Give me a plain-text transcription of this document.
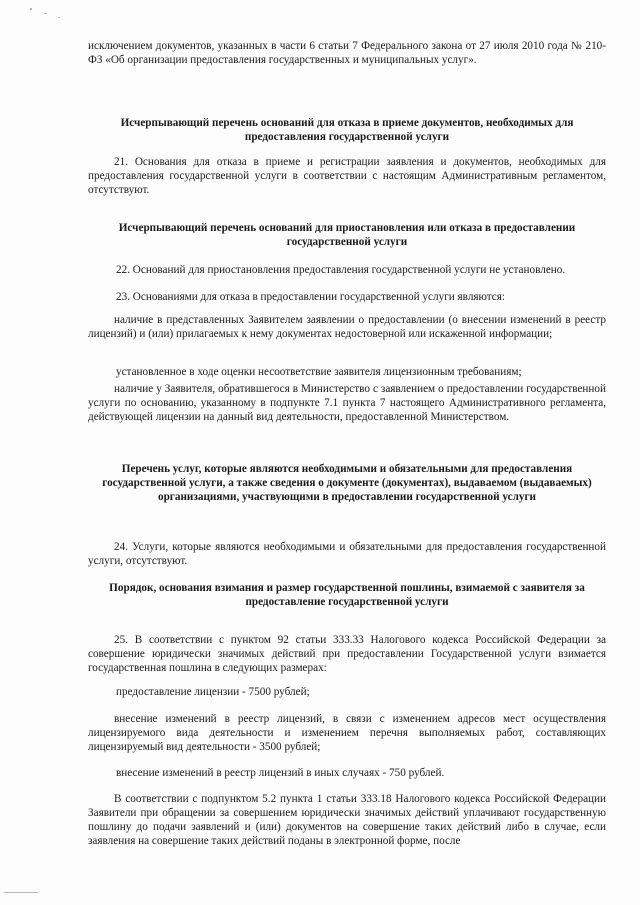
исключением документов, указанных в части 6 статьи 7 Федерального закона от 27 июля 2010 года № 210-ФЗ «Об организации предоставления государственных и муниципальных услуг».

Исчерпывающий перечень оснований для отказа в приеме документов, необходимых для предоставления государственной услуги

21. Основания для отказа в приеме и регистрации заявления и документов, необходимых для предоставления государственной услуги в соответствии с настоящим Административным регламентом, отсутствуют.

Исчерпывающий перечень оснований для приостановления или отказа в предоставлении государственной услуги

22. Оснований для приостановления предоставления государственной услуги не установлено.

23. Основаниями для отказа в предоставлении государственной услуги являются:

наличие в представленных Заявителем заявлении о предоставлении (о внесении изменений в реестр лицензий) и (или) прилагаемых к нему документах недостоверной или искаженной информации;

установленное в ходе оценки несоответствие заявителя лицензионным требованиям;

наличие у Заявителя, обратившегося в Министерство с заявлением о предоставлении государственной услуги по основанию, указанному в подпункте 7.1 пункта 7 настоящего Административного регламента, действующей лицензии на данный вид деятельности, предоставленной Министерством.

Перечень услуг, которые являются необходимыми и обязательными для предоставления государственной услуги, а также сведения о документе (документах), выдаваемом (выдаваемых) организациями, участвующими в предоставлении государственной услуги

24. Услуги, которые являются необходимыми и обязательными для предоставления государственной услуги, отсутствуют.

Порядок, основания взимания и размер государственной пошлины, взимаемой с заявителя за предоставление государственной услуги

25. В соответствии с пунктом 92 статьи 333.33 Налогового кодекса Российской Федерации за совершение юридически значимых действий при предоставлении Государственной услуги взимается государственная пошлина в следующих размерах:

предоставление лицензии - 7500 рублей;

внесение изменений в реестр лицензий, в связи с изменением адресов мест осуществления лицензируемого вида деятельности и изменением перечня выполняемых работ, составляющих лицензируемый вид деятельности - 3500 рублей;

внесение изменений в реестр лицензий в иных случаях - 750 рублей.

В соответствии с подпунктом 5.2 пункта 1 статьи 333.18 Налогового кодекса Российской Федерации Заявители при обращении за совершением юридически значимых действий уплачивают государственную пошлину до подачи заявлений и (или) документов на совершение таких действий либо в случае, если заявления на совершение таких действий поданы в электронной форме, после
